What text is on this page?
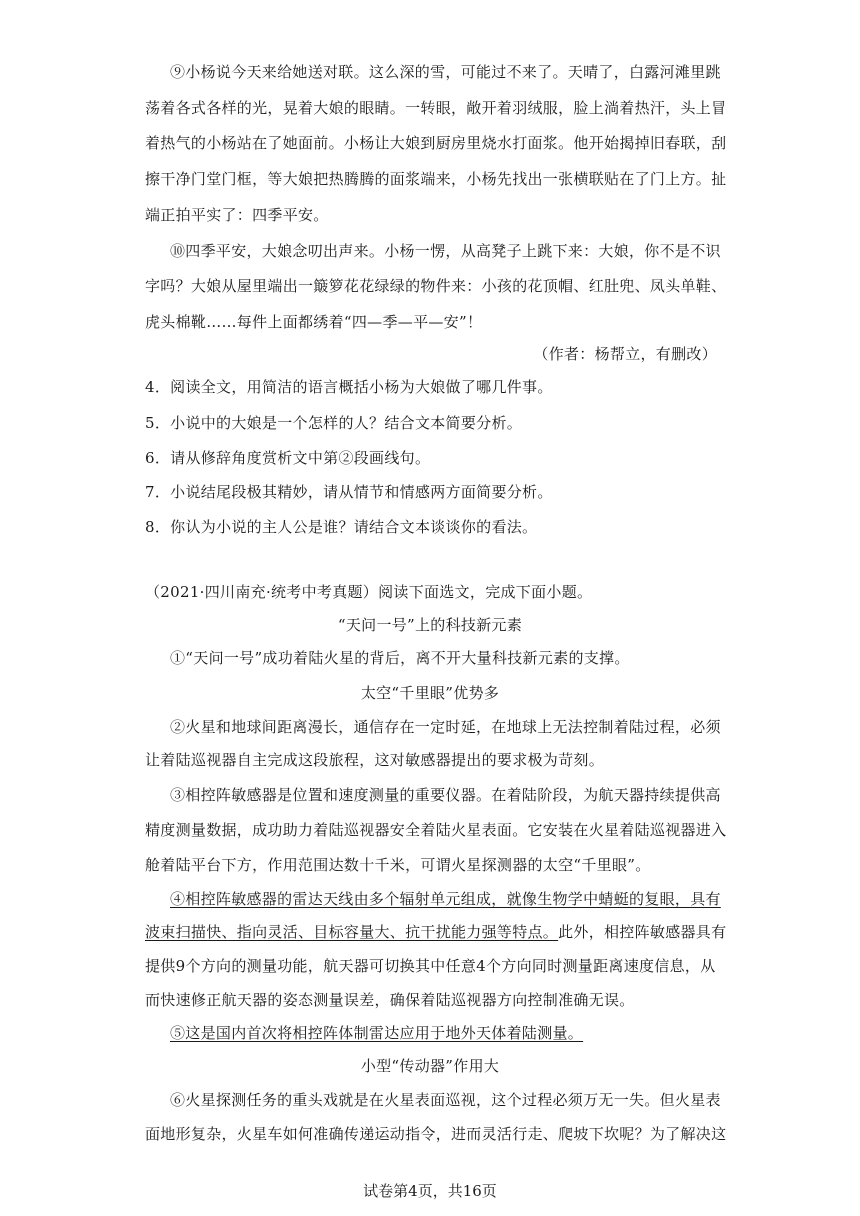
⑨小杨说今天来给她送对联。这么深的雪，可能过不来了。天晴了，白露河滩里跳
荡着各式各样的光，晃着大娘的眼睛。一转眼，敞开着羽绒服，脸上淌着热汗，头上冒
着热气的小杨站在了她面前。小杨让大娘到厨房里烧水打面浆。他开始揭掉旧春联，刮
擦干净门堂门框，等大娘把热腾腾的面浆端来，小杨先找出一张横联贴在了门上方。扯
端正拍平实了：四季平安。
⑩四季平安，大娘念叨出声来。小杨一愣，从高凳子上跳下来：大娘，你不是不识
字吗？大娘从屋里端出一簸箩花花绿绿的物件来：小孩的花顶帽、红肚兜、凤头单鞋、
虎头棉靴……每件上面都绣着“四—季—平—安”！
（作者：杨帮立，有删改）
4．阅读全文，用简洁的语言概括小杨为大娘做了哪几件事。
5．小说中的大娘是一个怎样的人？结合文本简要分析。
6．请从修辞角度赏析文中第②段画线句。
7．小说结尾段极其精妙，请从情节和情感两方面简要分析。
8．你认为小说的主人公是谁？请结合文本谈谈你的看法。
（2021·四川南充·统考中考真题）阅读下面选文，完成下面小题。
“天问一号”上的科技新元素
①“天问一号”成功着陆火星的背后，离不开大量科技新元素的支撑。
太空“千里眼”优势多
②火星和地球间距离漫长，通信存在一定时延，在地球上无法控制着陆过程，必须
让着陆巡视器自主完成这段旅程，这对敏感器提出的要求极为苛刻。
③相控阵敏感器是位置和速度测量的重要仪器。在着陆阶段，为航天器持续提供高
精度测量数据，成功助力着陆巡视器安全着陆火星表面。它安装在火星着陆巡视器进入
舱着陆平台下方，作用范围达数十千米，可谓火星探测器的太空“千里眼”。
④相控阵敏感器的雷达天线由多个辐射单元组成，就像生物学中蜻蜓的复眼，具有
波束扫描快、指向灵活、目标容量大、抗干扰能力强等特点。此外，相控阵敏感器具有
提供9个方向的测量功能，航天器可切换其中任意4个方向同时测量距离速度信息，从
而快速修正航天器的姿态测量误差，确保着陆巡视器方向控制准确无误。
⑤这是国内首次将相控阵体制雷达应用于地外天体着陆测量。
小型“传动器”作用大
⑥火星探测任务的重头戏就是在火星表面巡视，这个过程必须万无一失。但火星表
面地形复杂，火星车如何准确传递运动指令，进而灵活行走、爬坡下坎呢？为了解决这
试卷第4页，共16页
